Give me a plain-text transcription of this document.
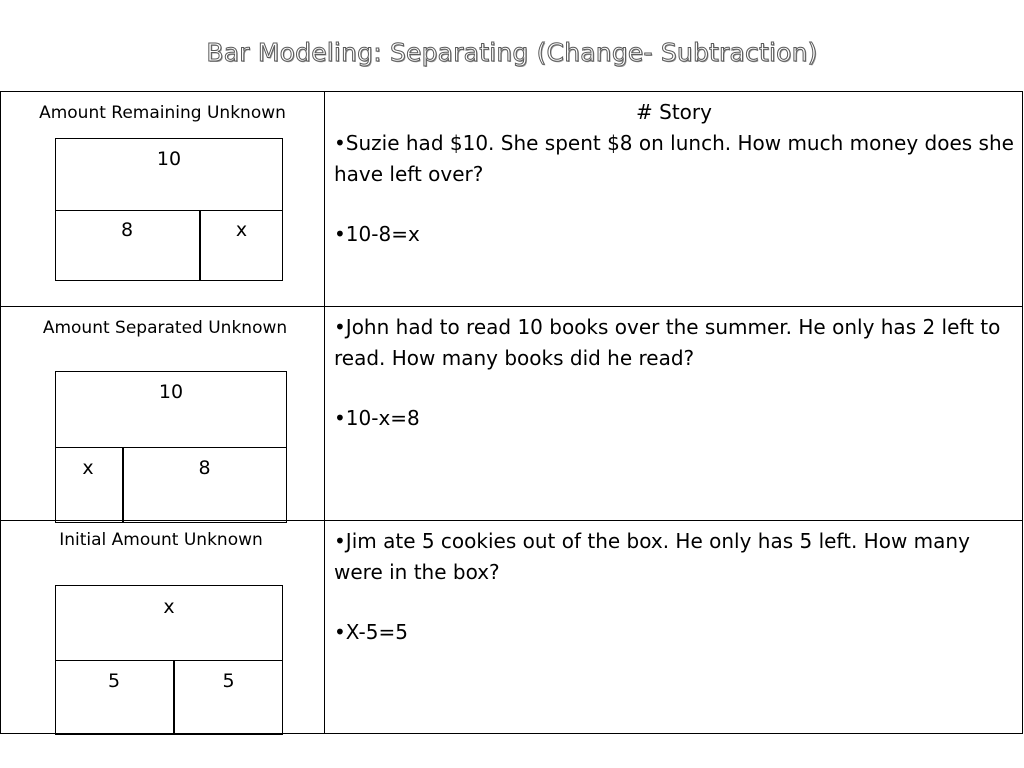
Bar Modeling: Separating (Change- Subtraction)
Amount Remaining Unknown
10
8	x
# Story

•Suzie had $10. She spent $8 on lunch. How much money does she have left over?

•10-8=x

Amount Separated Unknown
10
x	8

•John had to read 10 books over the summer. He only has 2 left to read. How many books did he read?

•10-x=8

Initial Amount Unknown
x
5	5

•Jim ate 5 cookies out of the box. He only has 5 left. How many were in the box?

•X-5=5
